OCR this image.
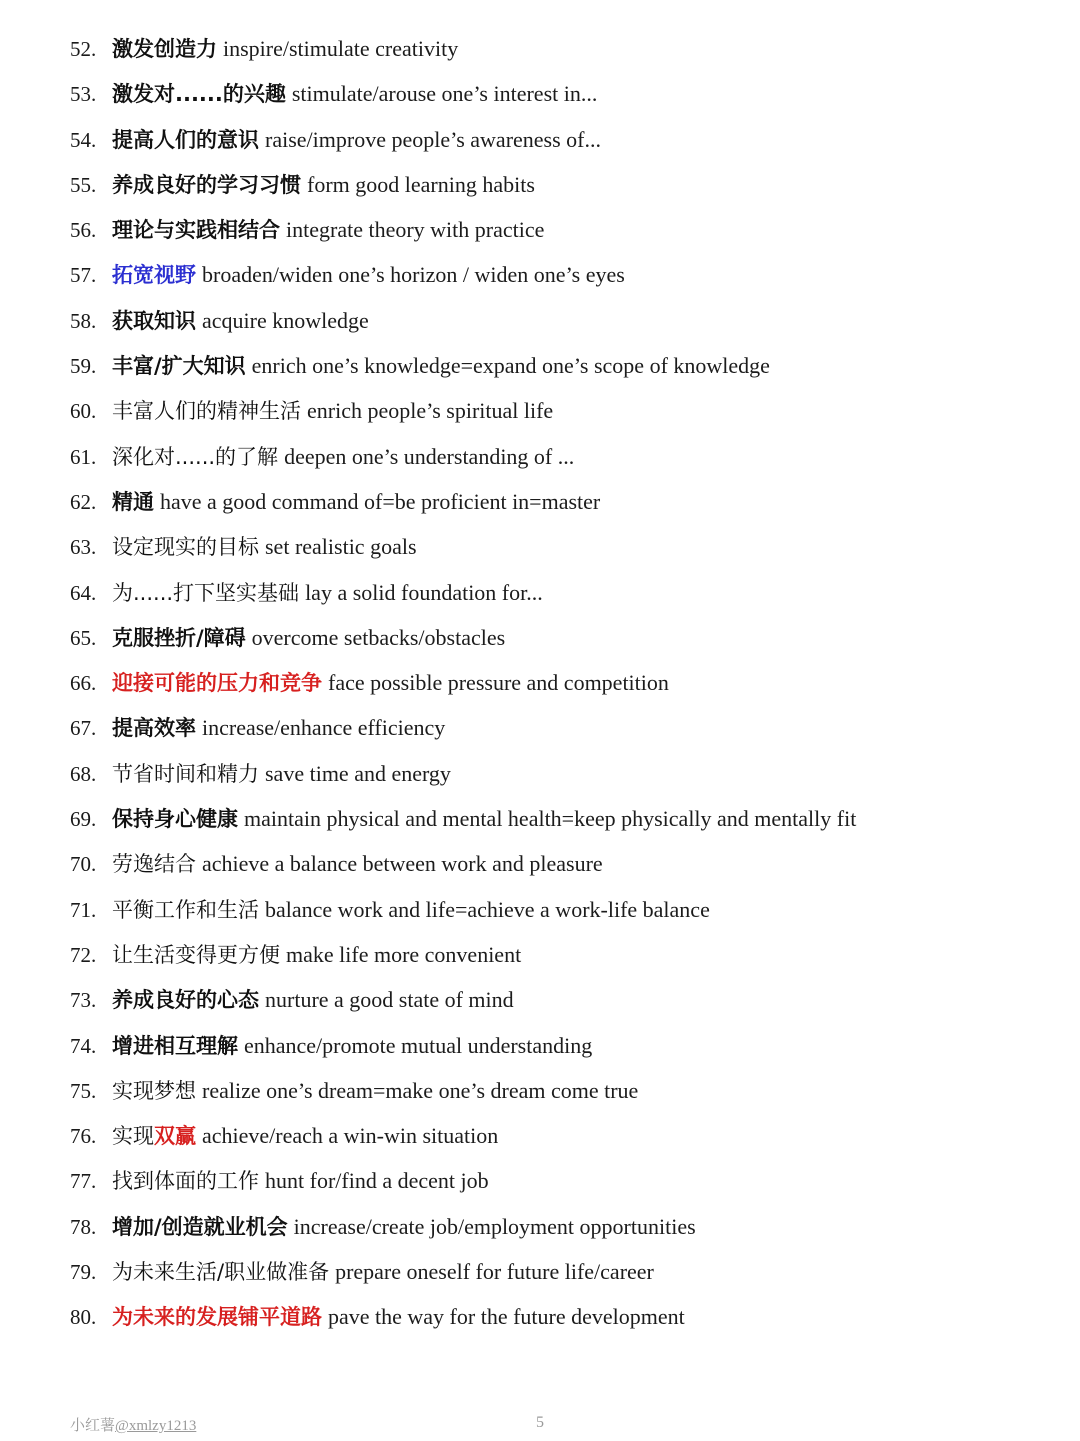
52. 激发创造力 inspire/stimulate creativity
53. 激发对......的兴趣 stimulate/arouse one’s interest in...
54. 提高人们的意识 raise/improve people’s awareness of...
55. 养成良好的学习习惯 form good learning habits
56. 理论与实践相结合 integrate theory with practice
57. 拓宽视野 broaden/widen one’s horizon / widen one’s eyes
58. 获取知识 acquire knowledge
59. 丰富/扩大知识 enrich one’s knowledge=expand one’s scope of knowledge
60. 丰富人们的精神生活 enrich people’s spiritual life
61. 深化对......的了解 deepen one’s understanding of ...
62. 精通 have a good command of=be proficient in=master
63. 设定现实的目标 set realistic goals
64. 为......打下坚实基础 lay a solid foundation for...
65. 克服挫折/障碍 overcome setbacks/obstacles
66. 迎接可能的压力和竞争 face possible pressure and competition
67. 提高效率 increase/enhance efficiency
68. 节省时间和精力 save time and energy
69. 保持身心健康 maintain physical and mental health=keep physically and mentally fit
70. 劳逸结合 achieve a balance between work and pleasure
71. 平衡工作和生活 balance work and life=achieve a work-life balance
72. 让生活变得更方便 make life more convenient
73. 养成良好的心态 nurture a good state of mind
74. 增进相互理解 enhance/promote mutual understanding
75. 实现梦想 realize one’s dream=make one’s dream come true
76. 实现双赢 achieve/reach a win-win situation
77. 找到体面的工作 hunt for/find a decent job
78. 增加/创造就业机会 increase/create job/employment opportunities
79. 为未来生活/职业做准备 prepare oneself for future life/career
80. 为未来的发展铺平道路 pave the way for the future development
小红薯@xmlzy1213	5
